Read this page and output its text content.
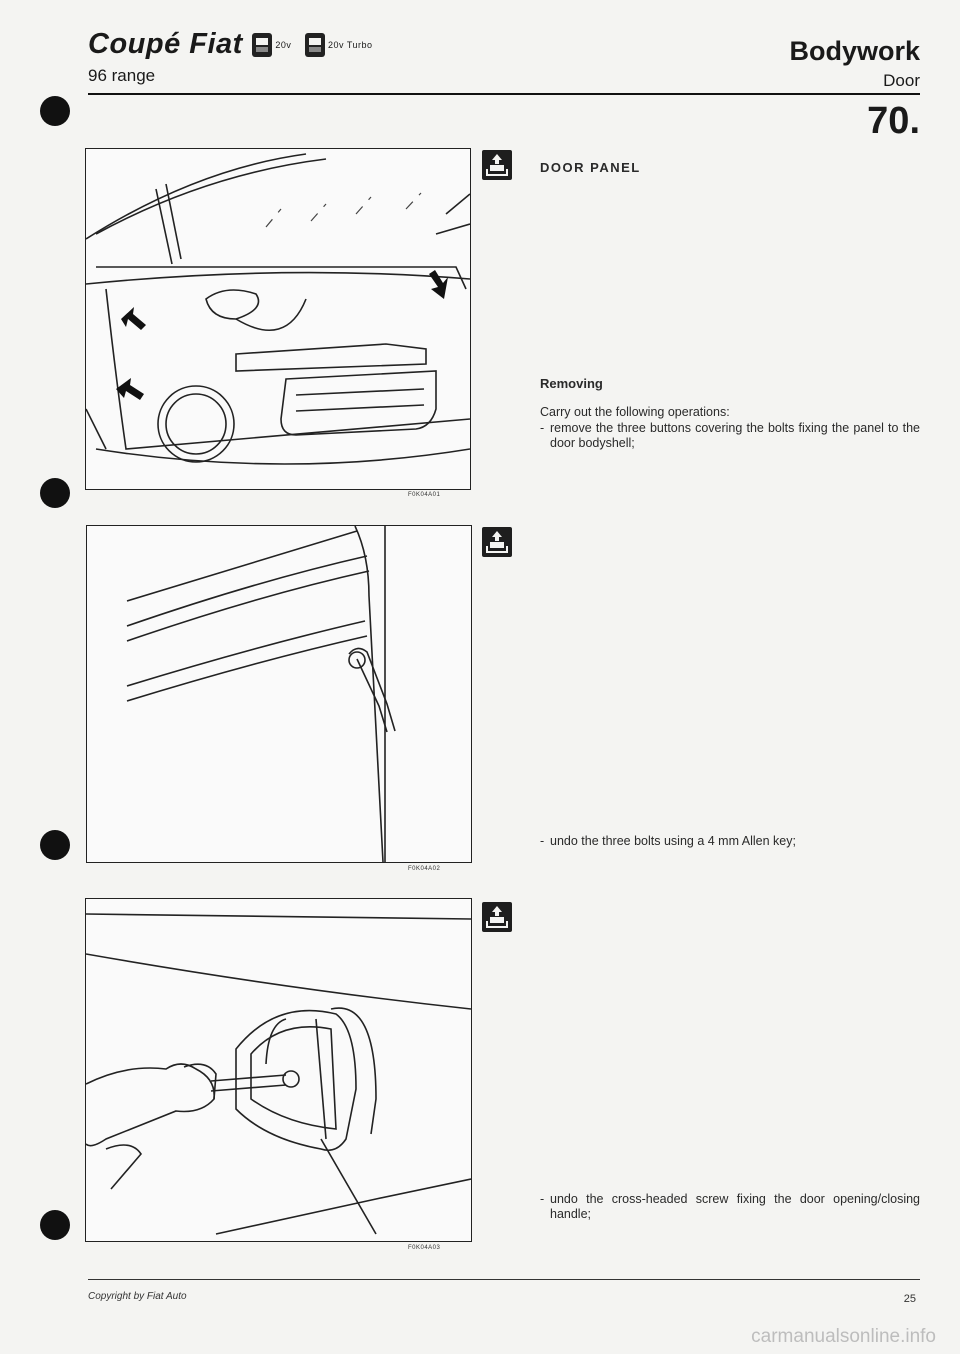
Coupé Fiat	20v	20v Turbo
96 range
Bodywork
Door
70.
F0K04A01
F0K04A02
F0K04A03
DOOR PANEL
Removing
Carry out the following operations:
- remove the three buttons covering the bolts fixing the panel to the door bodyshell;
- undo the three bolts using a 4 mm Allen key;
- undo the cross-headed screw fixing the door opening/closing handle;
Copyright by Fiat Auto	25
carmanualsonline.info
